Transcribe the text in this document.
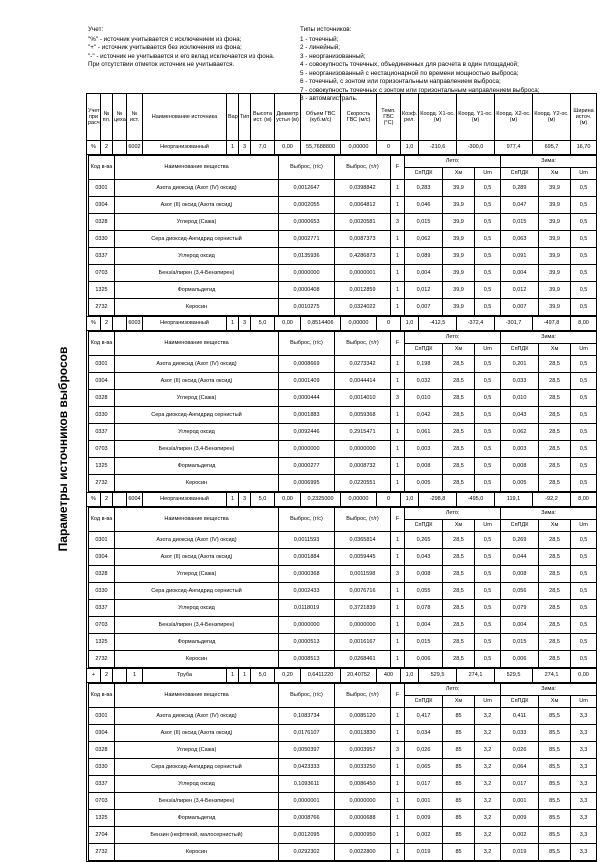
Учет:
"%" - источник учитывается с исключением из фона;
"+" - источник учитывается без исключения из фона;
"-" - источник не учитывается и его вклад исключается из фона.
При отсутствии отметок источник не учитывается.
Типы источников:
1 - точечный;
2 - линейный;
3 - неорганизованный;
4 - совокупность точечных, объединенных для расчета в один площадной;
5 - неорганизованный с нестационарной по времени мощностью выброса;
6 - точечный, с зонтом или горизонтальным направлением выброса;
7 - совокупность точечных с зонтом или горизонтальным направлением выброса;
8 - автомагистраль.
Параметры источников выбросов
Учет при расч.	№ пл.	№ цеха	№ ист.	Наименование источника	Вар.	Тип	Высота ист. (м)	Диаметр устья (м)	Объем ГВС (куб.м/с)	Скорость ГВС (м/с)	Темп. ГВС (°С)	Коэф. рел.	Коорд. X1-ос. (м)	Коорд. Y1-ос. (м)	Коорд. X2-ос. (м)	Коорд. Y2-ос. (м)	Ширина источ. (м)
%	2		6002	Неорганизованный	1	3	7,0	0,00	55,7688800	0,00000	0	1,0	-210,6	-300,0	977,4	695,7	16,70

Код в-ва	Наименование вещества	Выброс, (г/с)	Выброс, (т/г)	F	Лето:	Зима:
СпПДК	Хм	Um	СпПДК	Хм	Um
0301	Азота диоксид (Азот (IV) оксид)	0,0012647	0,0398842	1	0,283	39,9	0,5	0,289	39,9	0,5
0304	Азот (II) оксид (Азота оксид)	0,0002055	0,0064812	1	0,046	39,9	0,5	0,047	39,9	0,5
0328	Углерод (Сажа)	0,0000653	0,0020581	3	0,015	39,9	0,5	0,015	39,9	0,5
0330	Сера диоксид-Ангидрид сернистый	0,0002771	0,0087373	1	0,062	39,9	0,5	0,063	39,9	0,5
0337	Углерод оксид	0,0135936	0,4286873	1	0,089	39,9	0,5	0,091	39,9	0,5
0703	Бенз/а/пирен (3,4-Бензпирен)	0,0000000	0,0000001	1	0,004	39,9	0,5	0,004	39,9	0,5
1325	Формальдегид	0,0000408	0,0012859	1	0,012	39,9	0,5	0,012	39,9	0,5
2732	Керосин	0,0010275	0,0324022	1	0,007	39,9	0,5	0,007	39,9	0,5

%	2		6003	Неорганизованный	1	3	5,0	0,00	0,8514406	0,00000	0	1,0	-412,5	-372,4	-301,7	-497,8	8,00

Код в-ва	Наименование вещества	Выброс, (г/с)	Выброс, (т/г)	F	Лето:	Зима:
СпПДК	Хм	Um	СпПДК	Хм	Um
0301	Азота диоксид (Азот (IV) оксид)	0,0008669	0,0273342	1	0,198	28,5	0,5	0,201	28,5	0,5
0304	Азот (II) оксид (Азота оксид)	0,0001409	0,0044414	1	0,032	28,5	0,5	0,033	28,5	0,5
0328	Углерод (Сажа)	0,0000444	0,0014010	3	0,010	28,5	0,5	0,010	28,5	0,5
0330	Сера диоксид-Ангидрид сернистый	0,0001883	0,0059368	1	0,042	28,5	0,5	0,043	28,5	0,5
0337	Углерод оксид	0,0092446	0,2915471	1	0,061	28,5	0,5	0,062	28,5	0,5
0703	Бенз/а/пирен (3,4-Бензпирен)	0,0000000	0,0000000	1	0,003	28,5	0,5	0,003	28,5	0,5
1325	Формальдегид	0,0000277	0,0008732	1	0,008	28,5	0,5	0,008	28,5	0,5
2732	Керосин	0,0006995	0,0220551	1	0,005	28,5	0,5	0,005	28,5	0,5

%	2		6004	Неорганизованный	1	3	5,0	0,00	0,2325000	0,00000	0	1,0	-298,8	-495,0	119,1	-92,2	8,00

Код в-ва	Наименование вещества	Выброс, (г/с)	Выброс, (т/г)	F	Лето:	Зима:
СпПДК	Хм	Um	СпПДК	Хм	Um
0301	Азота диоксид (Азот (IV) оксид)	0,0011593	0,0365814	1	0,265	28,5	0,5	0,269	28,5	0,5
0304	Азот (II) оксид (Азота оксид)	0,0001884	0,0059445	1	0,043	28,5	0,5	0,044	28,5	0,5
0328	Углерод (Сажа)	0,0000368	0,0011598	3	0,008	28,5	0,5	0,008	28,5	0,5
0330	Сера диоксид-Ангидрид сернистый	0,0002433	0,0076716	1	0,055	28,5	0,5	0,056	28,5	0,5
0337	Углерод оксид	0,0118019	0,3721839	1	0,078	28,5	0,5	0,079	28,5	0,5
0703	Бенз/а/пирен (3,4-Бензпирен)	0,0000000	0,0000000	1	0,004	28,5	0,5	0,004	28,5	0,5
1325	Формальдегид	0,0000513	0,0016167	1	0,015	28,5	0,5	0,015	28,5	0,5
2732	Керосин	0,0008513	0,0268461	1	0,006	28,5	0,5	0,006	28,5	0,5

+	2		1	Труба	1	1	5,0	0,20	0,6411220	20,40752	400	1,0	529,5	274,1	529,5	274,1	0,00

Код в-ва	Наименование вещества	Выброс, (г/с)	Выброс, (т/г)	F	Лето:	Зима:
СпПДК	Хм	Um	СпПДК	Хм	Um
0301	Азота диоксид (Азот (IV) оксид)	0,1083734	0,0085120	1	0,417	85	3,2	0,411	85,5	3,3
0304	Азот (II) оксид (Азота оксид)	0,0176107	0,0013830	1	0,034	85	3,2	0,033	85,5	3,3
0328	Углерод (Сажа)	0,0050397	0,0003957	3	0,026	85	3,2	0,026	85,5	3,3
0330	Сера диоксид-Ангидрид сернистый	0,0423333	0,0033250	1	0,065	85	3,2	0,064	85,5	3,3
0337	Углерод оксид	0,1093611	0,0086450	1	0,017	85	3,2	0,017	85,5	3,3
0703	Бенз/а/пирен (3,4-Бензпирен)	0,0000001	0,0000000	1	0,001	85	3,2	0,001	85,5	3,3
1325	Формальдегид	0,0008766	0,0000688	1	0,009	85	3,2	0,009	85,5	3,3
2704	Бензин (нефтяной, малосернистый)	0,0012095	0,0000950	1	0,002	85	3,2	0,002	85,5	3,3
2732	Керосин	0,0292302	0,0022800	1	0,019	85	3,2	0,019	85,5	3,3
